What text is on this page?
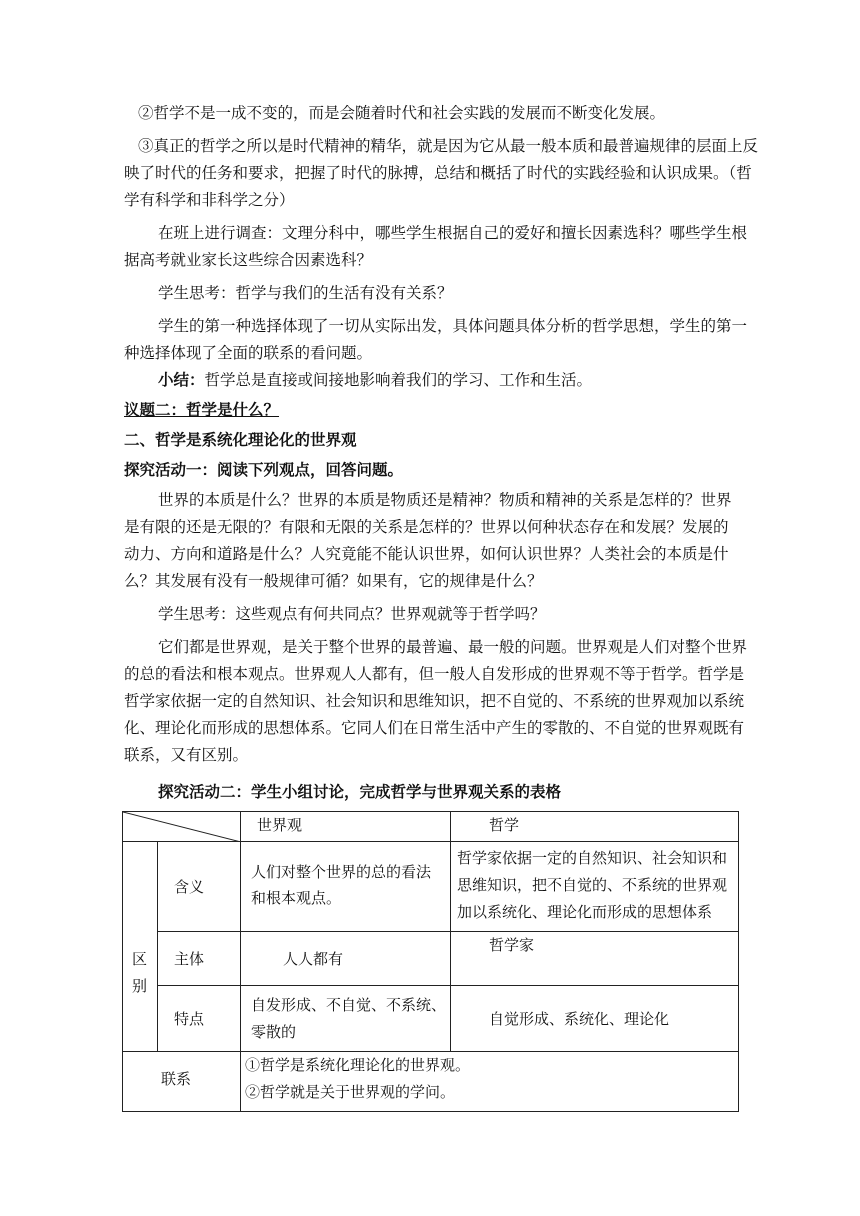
②哲学不是一成不变的，而是会随着时代和社会实践的发展而不断变化发展。
③真正的哲学之所以是时代精神的精华，就是因为它从最一般本质和最普遍规律的层面上反
映了时代的任务和要求，把握了时代的脉搏，总结和概括了时代的实践经验和认识成果。（哲
学有科学和非科学之分）
在班上进行调查：文理分科中，哪些学生根据自己的爱好和擅长因素选科？哪些学生根
据高考就业家长这些综合因素选科？
学生思考：哲学与我们的生活有没有关系？
学生的第一种选择体现了一切从实际出发，具体问题具体分析的哲学思想，学生的第一
种选择体现了全面的联系的看问题。
小结：哲学总是直接或间接地影响着我们的学习、工作和生活。
议题二：哲学是什么？
二、哲学是系统化理论化的世界观
探究活动一：阅读下列观点，回答问题。
世界的本质是什么？世界的本质是物质还是精神？物质和精神的关系是怎样的？世界
是有限的还是无限的？有限和无限的关系是怎样的？世界以何种状态存在和发展？发展的
动力、方向和道路是什么？人究竟能不能认识世界，如何认识世界？人类社会的本质是什
么？其发展有没有一般规律可循？如果有，它的规律是什么？
学生思考：这些观点有何共同点？世界观就等于哲学吗？
它们都是世界观，是关于整个世界的最普遍、最一般的问题。世界观是人们对整个世界
的总的看法和根本观点。世界观人人都有，但一般人自发形成的世界观不等于哲学。哲学是
哲学家依据一定的自然知识、社会知识和思维知识，把不自觉的、不系统的世界观加以系统
化、理论化而形成的思想体系。它同人们在日常生活中产生的零散的、不自觉的世界观既有
联系，又有区别。
探究活动二：学生小组讨论，完成哲学与世界观关系的表格

世界观	哲学

区
别	含义	人们对整个世界的总的看法
和根本观点。	哲学家依据一定的自然知识、社会知识和
思维知识，把不自觉的、不系统的世界观
加以系统化、理论化而形成的思想体系

	主体	人人都有	哲学家

	特点	自发形成、不自觉、不系统、
零散的	自觉形成、系统化、理论化

联系		①哲学是系统化理论化的世界观。
②哲学就是关于世界观的学问。	
